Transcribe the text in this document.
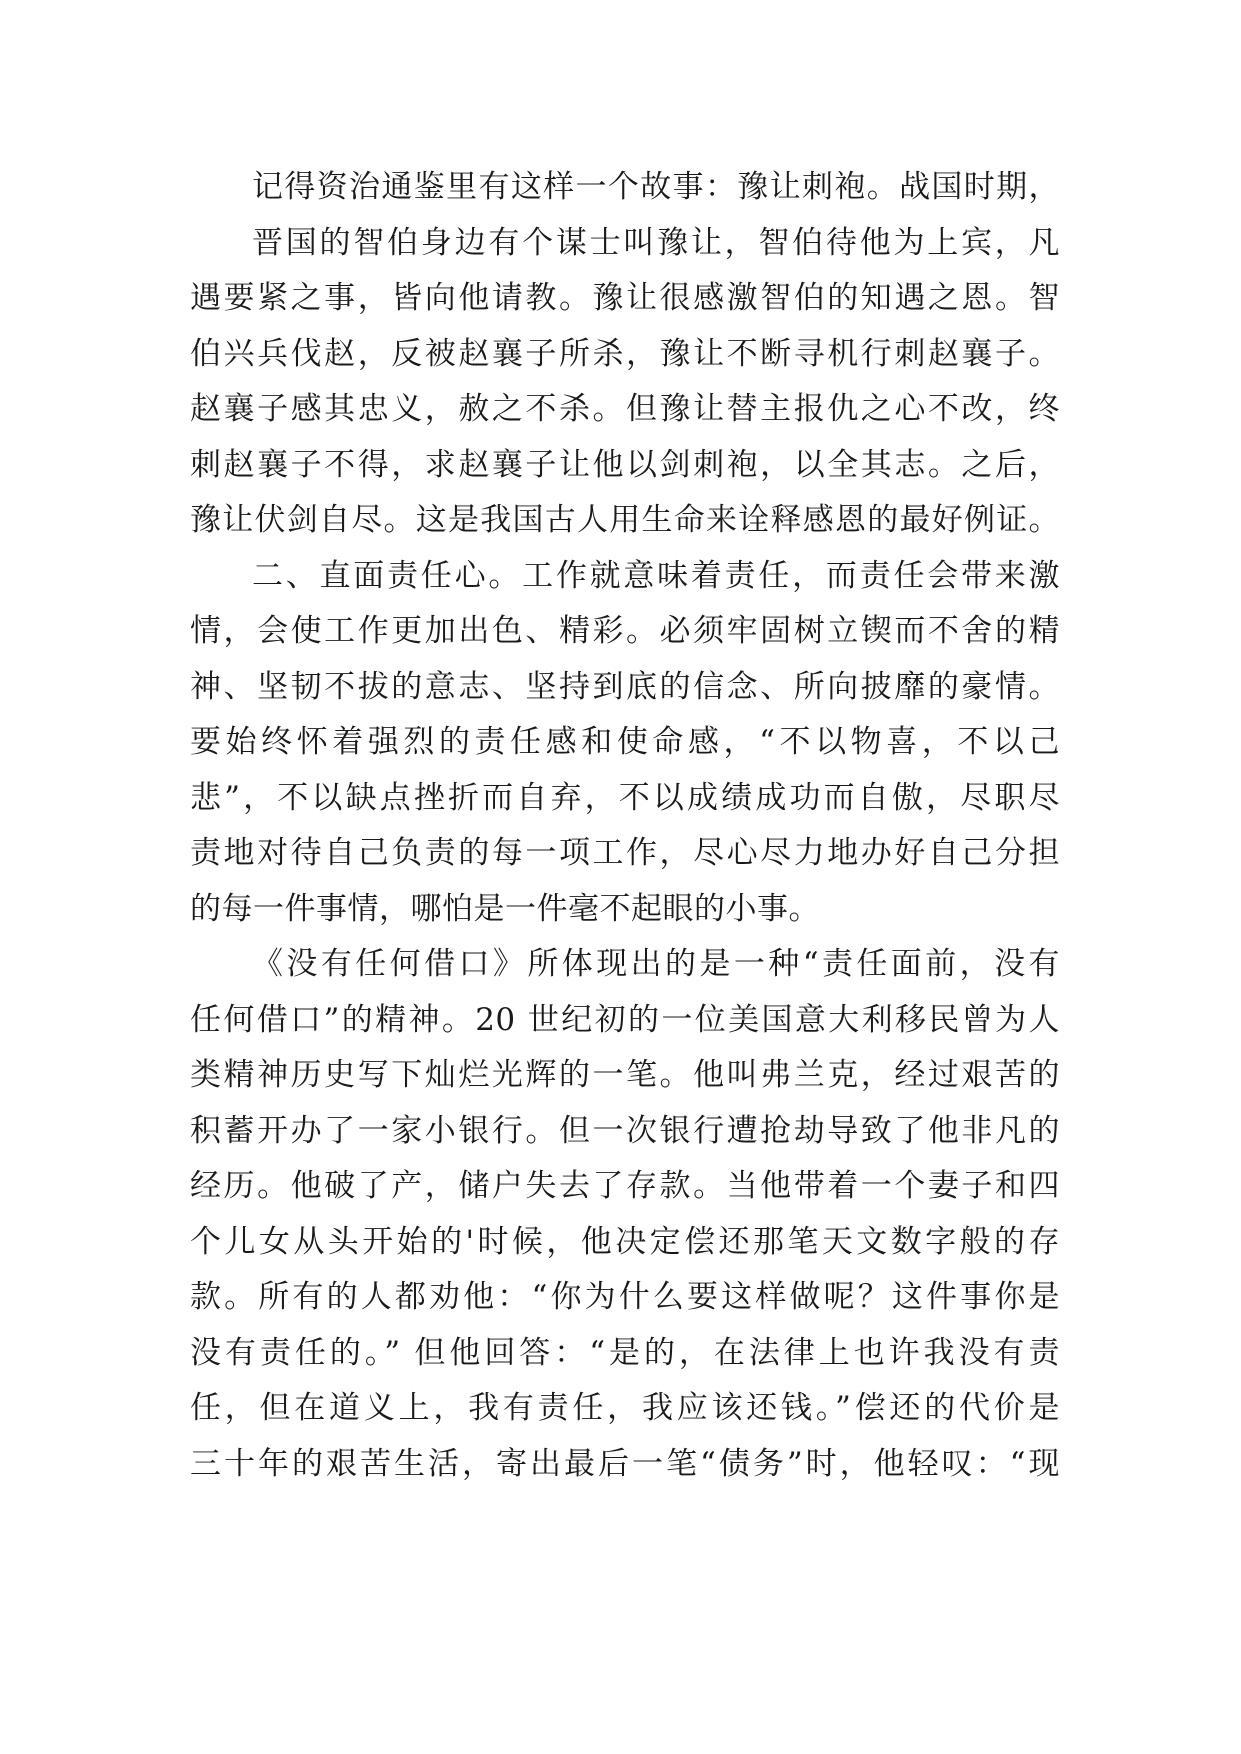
记得资治通鉴里有这样一个故事：豫让刺袍。战国时期，
晋国的智伯身边有个谋士叫豫让，智伯待他为上宾，凡
遇要紧之事，皆向他请教。豫让很感激智伯的知遇之恩。智
伯兴兵伐赵，反被赵襄子所杀，豫让不断寻机行刺赵襄子。
赵襄子感其忠义，赦之不杀。但豫让替主报仇之心不改，终
刺赵襄子不得，求赵襄子让他以剑刺袍，以全其志。之后，
豫让伏剑自尽。这是我国古人用生命来诠释感恩的最好例证。
二、直面责任心。工作就意味着责任，而责任会带来激
情，会使工作更加出色、精彩。必须牢固树立锲而不舍的精
神、坚韧不拔的意志、坚持到底的信念、所向披靡的豪情。
要始终怀着强烈的责任感和使命感，“不以物喜，不以己
悲”，不以缺点挫折而自弃，不以成绩成功而自傲，尽职尽
责地对待自己负责的每一项工作，尽心尽力地办好自己分担
的每一件事情，哪怕是一件毫不起眼的小事。
《没有任何借口》所体现出的是一种“责任面前，没有
任何借口”的精神。20 世纪初的一位美国意大利移民曾为人
类精神历史写下灿烂光辉的一笔。他叫弗兰克，经过艰苦的
积蓄开办了一家小银行。但一次银行遭抢劫导致了他非凡的
经历。他破了产，储户失去了存款。当他带着一个妻子和四
个儿女从头开始的'时候，他决定偿还那笔天文数字般的存
款。所有的人都劝他：“你为什么要这样做呢？这件事你是
没有责任的。” 但他回答：“是的，在法律上也许我没有责
任，但在道义上，我有责任，我应该还钱。”偿还的代价是
三十年的艰苦生活，寄出最后一笔“债务”时，他轻叹：“现
